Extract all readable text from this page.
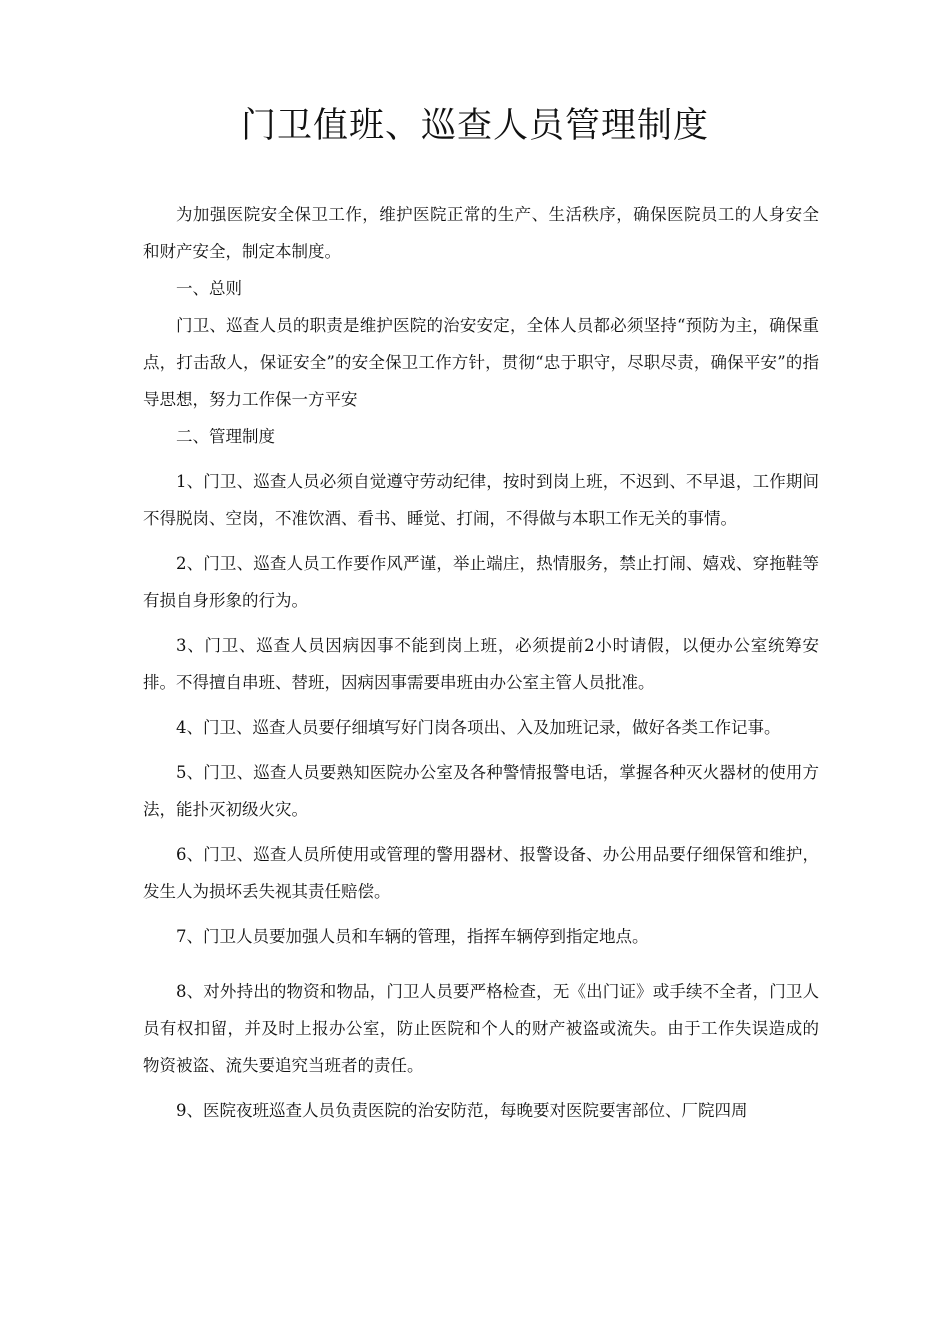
门卫值班、巡查人员管理制度

为加强医院安全保卫工作，维护医院正常的生产、生活秩序，确保医院员工的人身安全和财产安全，制定本制度。

一、总则

门卫、巡查人员的职责是维护医院的治安安定，全体人员都必须坚持“预防为主，确保重点，打击敌人，保证安全”的安全保卫工作方针，贯彻“忠于职守，尽职尽责，确保平安”的指导思想，努力工作保一方平安

二、管理制度

1、门卫、巡查人员必须自觉遵守劳动纪律，按时到岗上班，不迟到、不早退，工作期间不得脱岗、空岗，不准饮酒、看书、睡觉、打闹，不得做与本职工作无关的事情。

2、门卫、巡查人员工作要作风严谨，举止端庄，热情服务，禁止打闹、嬉戏、穿拖鞋等有损自身形象的行为。

3、门卫、巡查人员因病因事不能到岗上班，必须提前2小时请假，以便办公室统筹安排。不得擅自串班、替班，因病因事需要串班由办公室主管人员批准。

4、门卫、巡查人员要仔细填写好门岗各项出、入及加班记录，做好各类工作记事。

5、门卫、巡查人员要熟知医院办公室及各种警情报警电话，掌握各种灭火器材的使用方法，能扑灭初级火灾。

6、门卫、巡查人员所使用或管理的警用器材、报警设备、办公用品要仔细保管和维护，发生人为损坏丢失视其责任赔偿。

7、门卫人员要加强人员和车辆的管理，指挥车辆停到指定地点。

8、对外持出的物资和物品，门卫人员要严格检查，无《出门证》或手续不全者，门卫人员有权扣留，并及时上报办公室，防止医院和个人的财产被盗或流失。由于工作失误造成的物资被盗、流失要追究当班者的责任。

9、医院夜班巡查人员负责医院的治安防范，每晚要对医院要害部位、厂院四周
